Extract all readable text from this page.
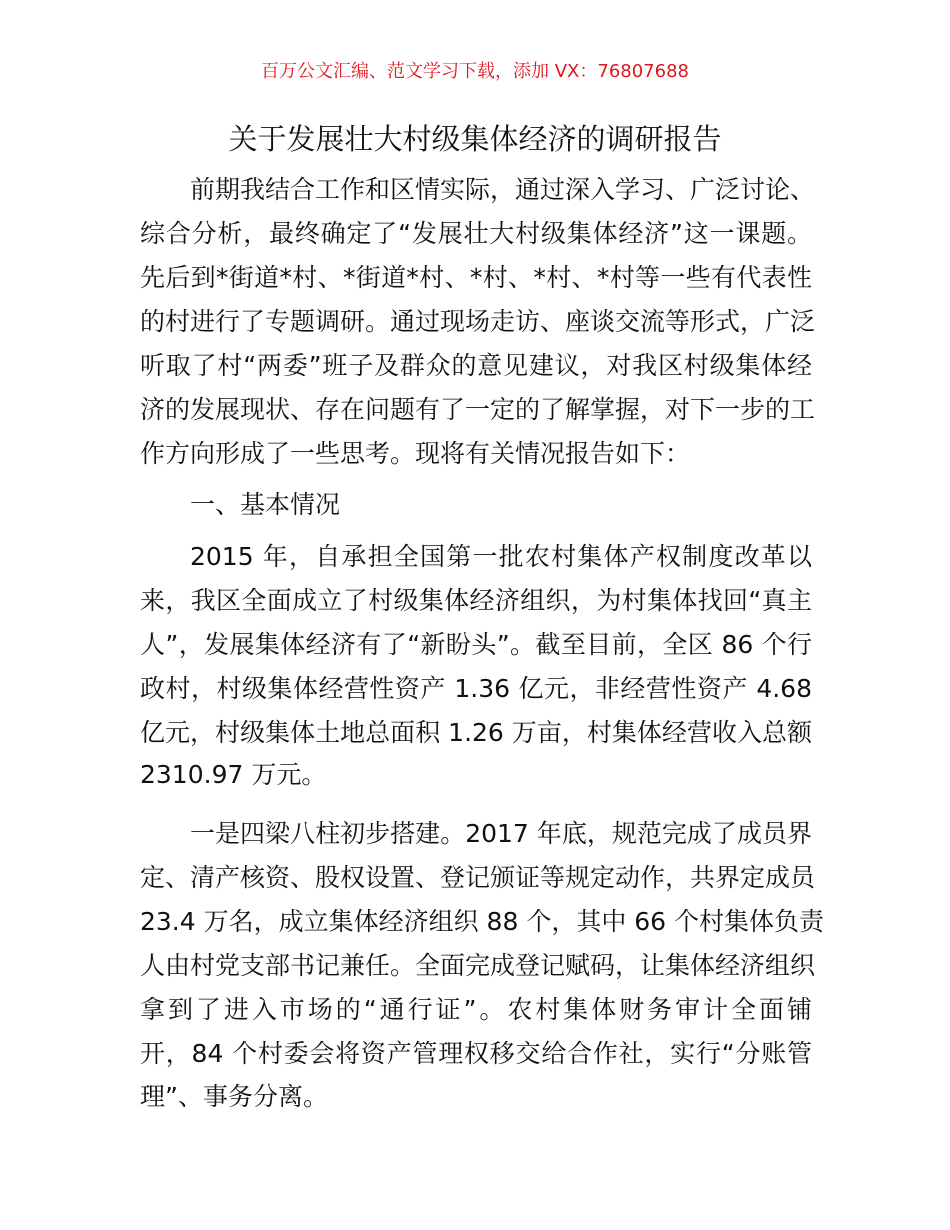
百万公文汇编、范文学习下载，添加 VX：76807688
关于发展壮大村级集体经济的调研报告
前期我结合工作和区情实际，通过深入学习、广泛讨论、
综合分析，最终确定了“发展壮大村级集体经济”这一课题。
先后到*街道*村、*街道*村、*村、*村、*村等一些有代表性
的村进行了专题调研。通过现场走访、座谈交流等形式，广泛
听取了村“两委”班子及群众的意见建议，对我区村级集体经
济的发展现状、存在问题有了一定的了解掌握，对下一步的工
作方向形成了一些思考。现将有关情况报告如下：
一、基本情况
2015 年，自承担全国第一批农村集体产权制度改革以
来，我区全面成立了村级集体经济组织，为村集体找回“真主
人”，发展集体经济有了“新盼头”。截至目前，全区 86 个行
政村，村级集体经营性资产 1.36 亿元，非经营性资产 4.68
亿元，村级集体土地总面积 1.26 万亩，村集体经营收入总额
2310.97 万元。
一是四梁八柱初步搭建。2017 年底，规范完成了成员界
定、清产核资、股权设置、登记颁证等规定动作，共界定成员
23.4 万名，成立集体经济组织 88 个，其中 66 个村集体负责
人由村党支部书记兼任。全面完成登记赋码，让集体经济组织
拿到了进入市场的“通行证”。农村集体财务审计全面铺
开，84 个村委会将资产管理权移交给合作社，实行“分账管
理”、事务分离。
